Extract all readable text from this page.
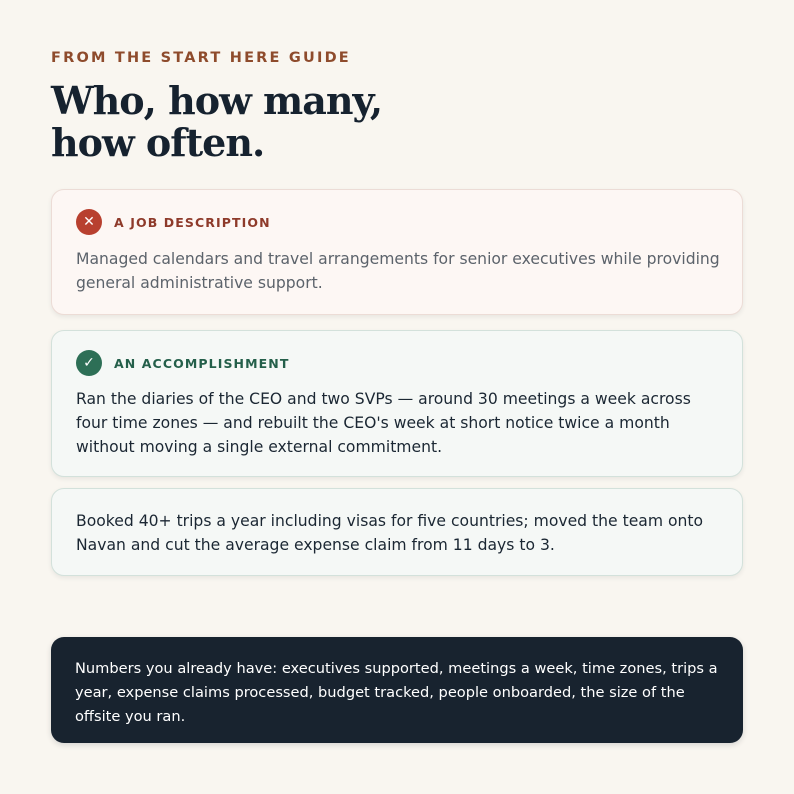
FROM THE START HERE GUIDE

Who, how many,
how often.
✕	A JOB DESCRIPTION

Managed calendars and travel arrangements for senior executives while providing general administrative support.

✓	AN ACCOMPLISHMENT

Ran the diaries of the CEO and two SVPs — around 30 meetings a week across four time zones — and rebuilt the CEO's week at short notice twice a month without moving a single external commitment.

Booked 40+ trips a year including visas for five countries; moved the team onto Navan and cut the average expense claim from 11 days to 3.

Numbers you already have: executives supported, meetings a week, time zones, trips a year, expense claims processed, budget tracked, people onboarded, the size of the offsite you ran.
